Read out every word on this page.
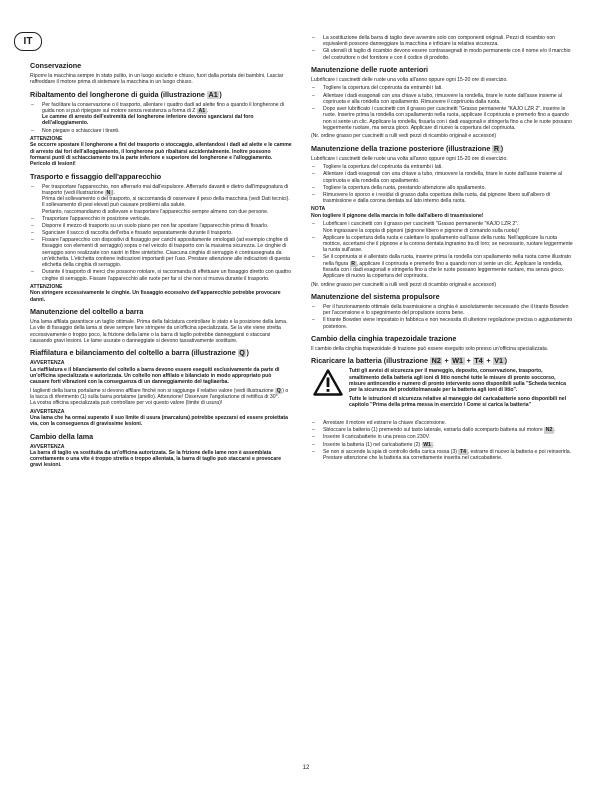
IT
Conservazione

Riporre la macchina sempre in stato pulito, in un luogo asciutto e chiuso, fuori dalla portata dei bambini. Lasciar raffreddare il motore prima di sistemare la macchina in un luogo chiuso.

Ribaltamento del longherone di guida (illustrazione A1 )
– Per facilitare la conservazione o il trasporto, allentare i quattro dadi ad alette fino a quando il longherone di guida non si può ripiegare sul motore senza resistenza a forma di Z A1 .
Le camme di arresto dell'estremità del longherone inferiore devono sganciarsi dal foro dell'alloggiamento.
– Non piegare o schiacciare i tiranti.

ATTENZIONE

Se occorre spostare il longherone a fini del trasporto o stoccaggio, allentandosi i dadi ad alette e le camme di arresto dai fori dell'alloggiamento, il longherone può ribaltarsi accidentalmente. Inoltre possono formarsi punti di schiacciamento tra la parte inferiore e superiore del longherone e l'alloggiamento. Pericolo di lesioni!

Trasporto e fissaggio dell'apparecchio
– Per trasportare l'apparecchio, non afferrarlo mai dall'espulsore. Afferrarlo davanti e dietro dall'impugnatura di trasporto (vedi illustrazione N ).
Prima del sollevamento o del trasporto, si raccomanda di osservare il peso della macchina (vedi Dati tecnici). Il sollevamento di pesi elevati può causare problemi alla salute.
Pertanto, raccomandiamo di sollevare e trasportare l'apparecchio sempre almeno con due persone.
– Trasportare l'apparecchio in posizione verticale.
– Disporre il mezzo di trasporto su un suolo piano per non far spostare l'apparecchio prima di fissarlo.
– Sganciare il sacco di raccolta dell'erba e fissarlo separatamente durante il trasporto.
– Fissare l'apparecchio con dispositivi di fissaggio per carichi appositamente omologati (ad esempio cinghie di fissaggio con elementi di serraggio) sopra o nel veicolo di trasporto con la massima sicurezza. Le cinghie di serraggio sono realizzate con nastri in fibre sintetiche. Ciascuna cinghia di serraggio è contrassegnata da un'etichetta. L'etichetta contiene indicazioni importanti per l'uso. Prestare attenzione alle indicazioni di questa etichetta della cinghia di serraggio.
– Durante il trasporto di merci che possono rotolare, si raccomanda di effettuare un fissaggio diretto con quattro cinghie di serraggio. Fissare l'apparecchio alle ruote per far sì che non si muova durante il trasporto.

ATTENZIONE

Non stringere eccessivamente le cinghie. Un fissaggio eccessivo dell'apparecchio potrebbe provocare danni.

Manutenzione del coltello a barra

Una lama affilata garantisce un taglio ottimale. Prima della falciatura controllare lo stato e la posizione della lama. La vite di fissaggio della lama si deve sempre fare stringere da un'officina specializzata. Se la vite viene stretta eccessivamente o troppo poco, la frizione della lame o la barra di taglio potrebbe danneggiarsi o staccarsi causando gravi lesioni. Le lame usurate o danneggiate si devono tassativamente sostituire.

Riaffilatura e bilanciamento del coltello a barra (illustrazione Q )

AVVERTENZA

La riaffilatura e il bilanciamento del coltello a barra devono essere eseguiti esclusivamente da parte di un'officina specializzata e autorizzata. Un coltello non affilato e bilanciato in modo appropriato può causare forti vibrazioni con la conseguenza di un danneggiamento del tagliaerba.

I taglienti della barra portalame si devono affilare finché non si raggiunge il relativo valore (vedi illustrazione Q ) o la tacca di riferimento (1) sulla barra portalame (anello). Attenzione! Osservare l'angolazione di rettifica di 30°.
La vostra officina specializzata può controllare per voi questo valore (limite di usura)!

AVVERTENZA

Una lama che ha ormai superato il suo limite di usura (marcatura) potrebbe spezzarsi ed essere proiettata via, con la conseguenza di gravissime lesioni.

Cambio della lama

AVVERTENZA

La barra di taglio va sostituita da un'officina autorizzata. Se la frizione delle lame non è assemblata correttamente o una vite è troppo stretta o troppo allentata, la barra di taglio può staccarsi e provocare gravi lesioni.

– La sostituzione della barra di taglio deve avvenire solo con componenti originali. Pezzi di ricambio non equivalenti possono danneggiare la macchina e inficiare la relativa sicurezza.
– Gli utensili di taglio di ricambio devono essere contrassegnati in modo permanente con il nome e/o il marchio del costruttore o del fornitore e con il codice di prodotto.
Manutenzione delle ruote anteriori

Lubrificare i cuscinetti delle ruote una volta all'anno oppure ogni 15-20 ore di esercizio.

– Togliere la copertura del copriruota da entrambi i lati.
– Allentare i dadi esagonali con una chiave a tubo, rimuovere la rondella, tirare le ruote dall'asse insieme al copriruota e alla rondella con spallamento. Rimuovere il copriruota dalla ruota.
– Dopo aver lubrificato i cuscinetti con il grasso per cuscinetti "Grasso permanente "KAJO LZR 2", inserire le ruote. Inserire prima la rondella con spallamento nella ruota, applicare il copriruota e premerlo fino a quando non si sente un clic. Applicare la rondella, fissarla con i dadi esagonali e stringerla fino a che le ruote possano leggermente ruotare, ma senza gioco. Applicare di nuovo la copertura del copriruota.

(Nr. ordine grasso per cuscinetti a rulli vedi pezzi di ricambio originali e accessori)

Manutenzione della trazione posteriore (illustrazione R )

Lubrificare i cuscinetti delle ruote una volta all'anno oppure ogni 15-20 ore di esercizio.

– Togliere la copertura del copriruota da entrambi i lati.
– Allentare i dadi esagonali con una chiave a tubo, rimuovere la rondella, tirare le ruote dall'asse insieme al copriruota e alla rondella con spallamento.
– Togliere la copertura della ruota, prestando attenzione allo spallamento.
– Rimuovere lo sporco e i residui di grasso dalla copertura della ruota, dal pignone libero sull'albero di trasmissione e dalla corona dentata sul lato interno della ruota.

NOTA

Non togliere il pignone della marcia in folle dall'albero di trasmissione!

– Lubrificare i cuscinetti con il grasso per cuscinetti "Grasso permanente "KAJO LZR 2".
Non ingrassare la coppia di pignoni (pignone libero e pignone di comando sulla ruota)!
– Applicare la copertura della ruota e calettare lo spallamento sull'asse della ruota. Nell'applicare la ruota motrice, accertarsi che il pignone e la corona dentata ingranino tra di loro; se necessario, ruotare leggermente la ruota sull'asse.
– Se il copriruota si è allentato dalla ruota, inserire prima la rondella con spallamento nella ruota come illustrato nella figura R , applicare il copriruota e premerlo fino a quando non si sente un clic. Applicare la rondella, fissarla con i dadi esagonali e stringerla fino a che le ruote possano leggermente ruotare, ma senza gioco. Applicare di nuovo la copertura del copriruota.

(Nr. ordine grasso per cuscinetti a rulli vedi pezzi di ricambio originali e accessori)

Manutenzione del sistema propulsore
– Per il funzionamento ottimale della trasmissione a cinghia è assolutamente necessario che il tirante Bowden per l'accensione e lo spegnimento del propulsore scorra bene.
– Il tirante Bowden viene impostato in fabbrica e non necessita di ulteriore regolazione precisa o aggiustamento posteriore.
Cambio della cinghia trapezoidale trazione

Il cambio della cinghia trapezoidale di trazione può essere eseguito solo presso un'officina specializzata.

Ricaricare la batteria (illustrazione N2 + W1 + T4 + V1 )

Tutti gli avvisi di sicurezza per il maneggio, deposito, conservazione, trasporto, smaltimento della batteria agli ioni di litio nonché tutte le misure di pronto soccorso, misure antincendio e numero di pronto intervento sono disponibili sulla "Scheda tecnica per la sicurezza del prodotto/manuale per la batteria agli ioni di litio".

Tutte le istruzioni di sicurezza relative al maneggio del caricabatterie sono disponibili nel capitolo "Prima della prima messa in esercizio / Come si carica la batteria"

– Arrestare il motore ed estrarre la chiave d'accensione.
– Sbloccare la batteria (1) premendo sul tasto laterale, estrarla dallo scomparto batteria sul motore N2 .
– Inserire il caricabatterie in una presa con 230V.
– Inserire la batteria (1) nel caricabatterie (2) W1 .
– Se non si accende la spia di controllo della carica rossa (3) T4 , estrarre di nuovo la batteria e poi reinserirla. Prestare attenzione che la batteria sia correttamente inserita nel caricabatterie.
12
